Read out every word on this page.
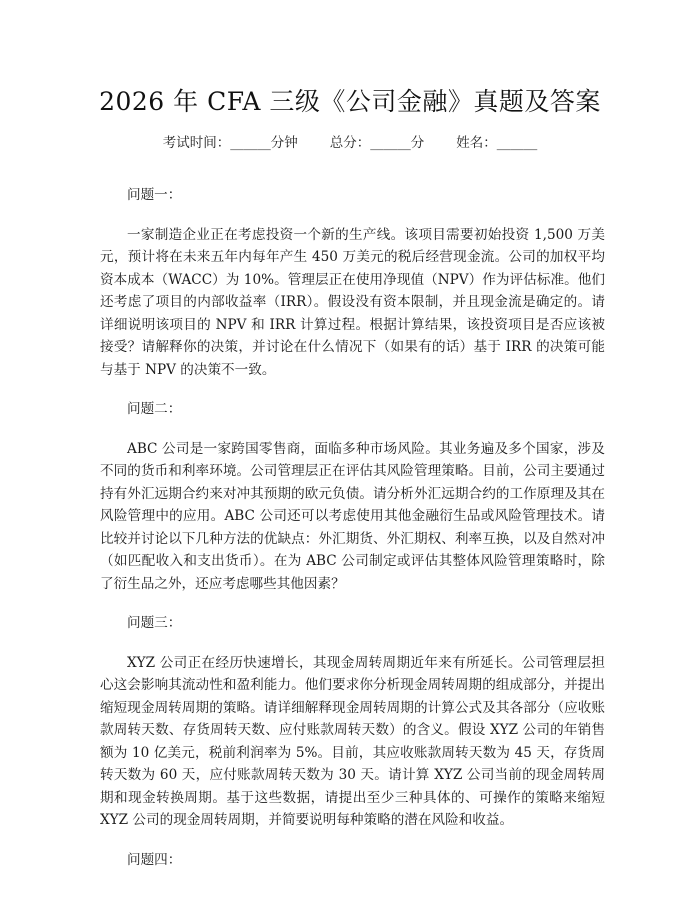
2026 年 CFA 三级《公司金融》真题及答案
考试时间：______分钟 总分：______分 姓名：______

问题一：

一家制造企业正在考虑投资一个新的生产线。该项目需要初始投资 1,500 万美元，预计将在未来五年内每年产生 450 万美元的税后经营现金流。公司的加权平均资本成本（WACC）为 10%。管理层正在使用净现值（NPV）作为评估标准。他们还考虑了项目的内部收益率（IRR）。假设没有资本限制，并且现金流是确定的。请详细说明该项目的 NPV 和 IRR 计算过程。根据计算结果，该投资项目是否应该被接受？请解释你的决策，并讨论在什么情况下（如果有的话）基于 IRR 的决策可能与基于 NPV 的决策不一致。

问题二：

ABC 公司是一家跨国零售商，面临多种市场风险。其业务遍及多个国家，涉及不同的货币和利率环境。公司管理层正在评估其风险管理策略。目前，公司主要通过持有外汇远期合约来对冲其预期的欧元负债。请分析外汇远期合约的工作原理及其在风险管理中的应用。ABC 公司还可以考虑使用其他金融衍生品或风险管理技术。请比较并讨论以下几种方法的优缺点：外汇期货、外汇期权、利率互换，以及自然对冲（如匹配收入和支出货币）。在为 ABC 公司制定或评估其整体风险管理策略时，除了衍生品之外，还应考虑哪些其他因素？

问题三：

XYZ 公司正在经历快速增长，其现金周转周期近年来有所延长。公司管理层担心这会影响其流动性和盈利能力。他们要求你分析现金周转周期的组成部分，并提出缩短现金周转周期的策略。请详细解释现金周转周期的计算公式及其各部分（应收账款周转天数、存货周转天数、应付账款周转天数）的含义。假设 XYZ 公司的年销售额为 10 亿美元，税前利润率为 5%。目前，其应收账款周转天数为 45 天，存货周转天数为 60 天，应付账款周转天数为 30 天。请计算 XYZ 公司当前的现金周转周期和现金转换周期。基于这些数据，请提出至少三种具体的、可操作的策略来缩短 XYZ 公司的现金周转周期，并简要说明每种策略的潜在风险和收益。

问题四：
